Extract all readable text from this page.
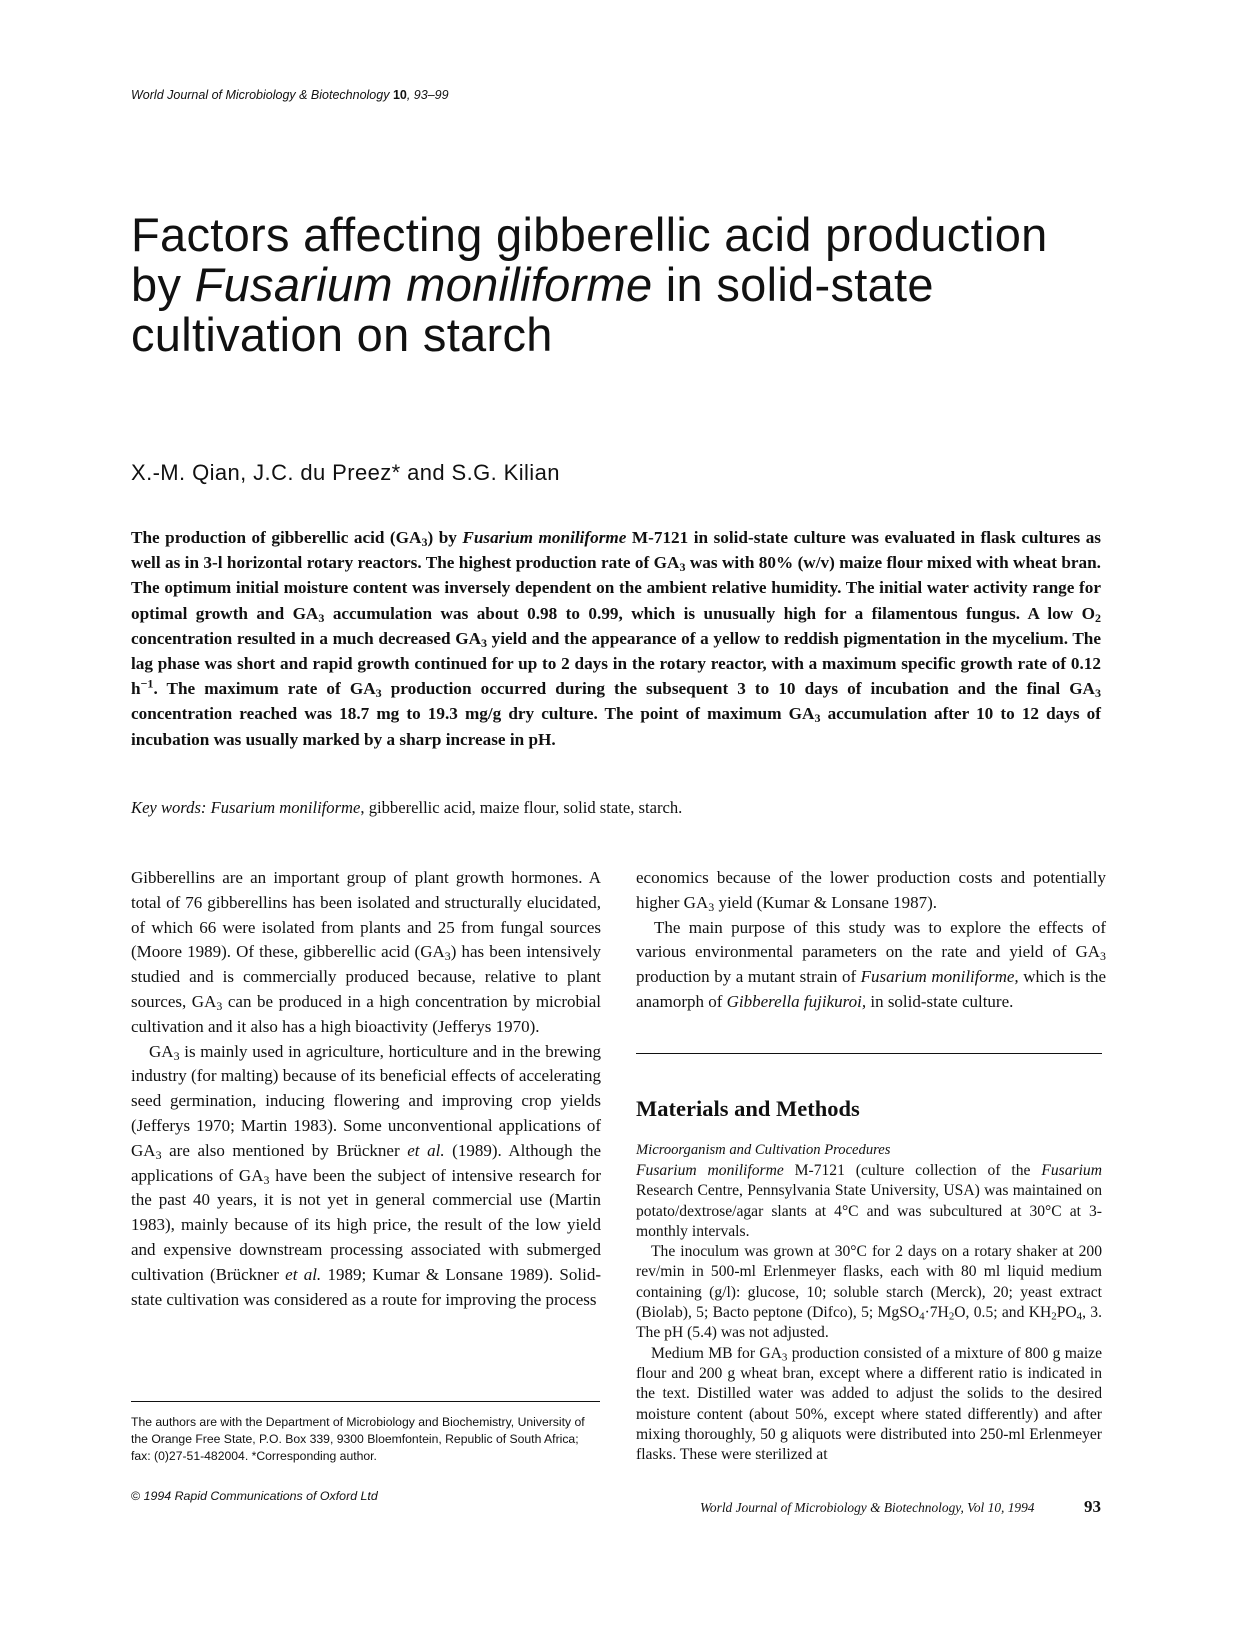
World Journal of Microbiology & Biotechnology 10, 93–99
Factors affecting gibberellic acid production
by Fusarium moniliforme in solid-state
cultivation on starch
X.-M. Qian, J.C. du Preez* and S.G. Kilian

The production of gibberellic acid $(GA_3)$ by Fusarium moniliforme M-7121 in solid-state culture was evaluated in flask cultures as well as in 3-l horizontal rotary reactors. The highest production rate of $GA_3$ was with 80% (w/v) maize flour mixed with wheat bran. The optimum initial moisture content was inversely dependent on the ambient relative humidity. The initial water activity range for optimal growth and $GA_3$ accumulation was about 0.98 to 0.99, which is unusually high for a filamentous fungus. A low $O_2$ concentration resulted in a much decreased $GA_3$ yield and the appearance of a yellow to reddish pigmentation in the mycelium. The lag phase was short and rapid growth continued for up to 2 days in the rotary reactor, with a maximum specific growth rate of 0.12 $h^{-1}$. The maximum rate of $GA_3$ production occurred during the subsequent 3 to 10 days of incubation and the final $GA_3$ concentration reached was 18.7 mg to 19.3 mg/g dry culture. The point of maximum $GA_3$ accumulation after 10 to 12 days of incubation was usually marked by a sharp increase in pH.

Key words: Fusarium moniliforme, gibberellic acid, maize flour, solid state, starch.

Gibberellins are an important group of plant growth hormones. A total of 76 gibberellins has been isolated and structurally elucidated, of which 66 were isolated from plants and 25 from fungal sources (Moore 1989). Of these, gibberellic acid $(GA_3)$ has been intensively studied and is commercially produced because, relative to plant sources, $GA_3$ can be produced in a high concentration by microbial cultivation and it also has a high bioactivity (Jefferys 1970).

$GA_3$ is mainly used in agriculture, horticulture and in the brewing industry (for malting) because of its beneficial effects of accelerating seed germination, inducing flowering and improving crop yields (Jefferys 1970; Martin 1983). Some unconventional applications of $GA_3$ are also mentioned by Brückner et al. (1989). Although the applications of $GA_3$ have been the subject of intensive research for the past 40 years, it is not yet in general commercial use (Martin 1983), mainly because of its high price, the result of the low yield and expensive downstream processing associated with submerged cultivation (Brückner et al. 1989; Kumar & Lonsane 1989). Solid-state cultivation was considered as a route for improving the process

economics because of the lower production costs and potentially higher $GA_3$ yield (Kumar & Lonsane 1987).

The main purpose of this study was to explore the effects of various environmental parameters on the rate and yield of $GA_3$ production by a mutant strain of Fusarium moniliforme, which is the anamorph of Gibberella fujikuroi, in solid-state culture.

Materials and Methods
Microorganism and Cultivation Procedures

Fusarium moniliforme M-7121 (culture collection of the Fusarium Research Centre, Pennsylvania State University, USA) was maintained on potato/dextrose/agar slants at 4°C and was subcultured at 30°C at 3-monthly intervals.

The inoculum was grown at 30°C for 2 days on a rotary shaker at 200 rev/min in 500-ml Erlenmeyer flasks, each with 80 ml liquid medium containing (g/l): glucose, 10; soluble starch (Merck), 20; yeast extract (Biolab), 5; Bacto peptone (Difco), 5; $MgSO_4\cdot 7H_2O$, 0.5; and $KH_2PO_4$, 3. The pH (5.4) was not adjusted.

Medium MB for $GA_3$ production consisted of a mixture of 800 g maize flour and 200 g wheat bran, except where a different ratio is indicated in the text. Distilled water was added to adjust the solids to the desired moisture content (about 50%, except where stated differently) and after mixing thoroughly, 50 g aliquots were distributed into 250-ml Erlenmeyer flasks. These were sterilized at

The authors are with the Department of Microbiology and Biochemistry, University of the Orange Free State, P.O. Box 339, 9300 Bloemfontein, Republic of South Africa; fax: (0)27-51-482004. *Corresponding author.

© 1994 Rapid Communications of Oxford Ltd
World Journal of Microbiology & Biotechnology, Vol 10, 1994	93
